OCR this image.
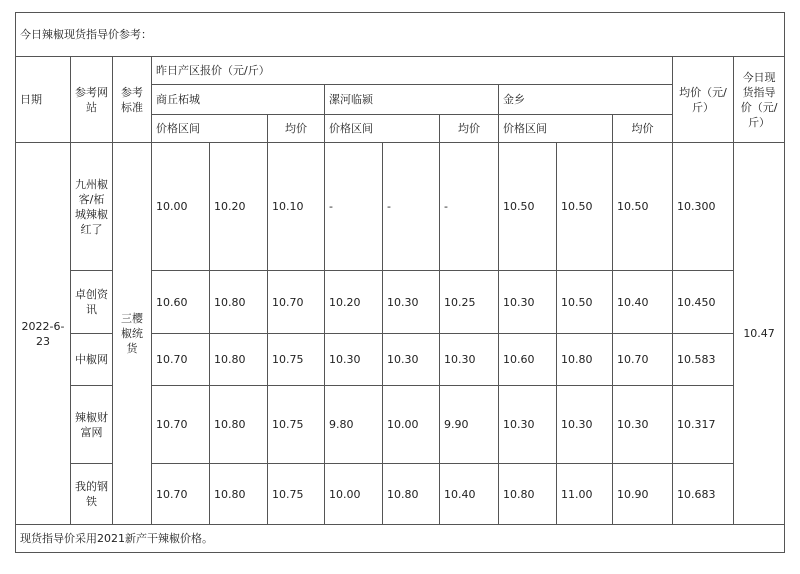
今日辣椒现货指导价参考：													
日期	参考网站	参考标准	昨日产区报价（元/斤）									均价（元/斤）	今日现货指导价（元/斤）
			商丘柘城			漯河临颍			金乡				
			价格区间		均价	价格区间		均价	价格区间		均价		
2022-6-23	九州椒客/柘城辣椒红了	三樱椒统货	10.00	10.20	10.10	-	-	-	10.50	10.50	10.50	10.300	10.47
	卓创资讯		10.60	10.80	10.70	10.20	10.30	10.25	10.30	10.50	10.40	10.450	
	中椒网		10.70	10.80	10.75	10.30	10.30	10.30	10.60	10.80	10.70	10.583	
	辣椒财富网		10.70	10.80	10.75	9.80	10.00	9.90	10.30	10.30	10.30	10.317	
	我的钢铁		10.70	10.80	10.75	10.00	10.80	10.40	10.80	11.00	10.90	10.683	
现货指导价采用2021新产干辣椒价格。													
